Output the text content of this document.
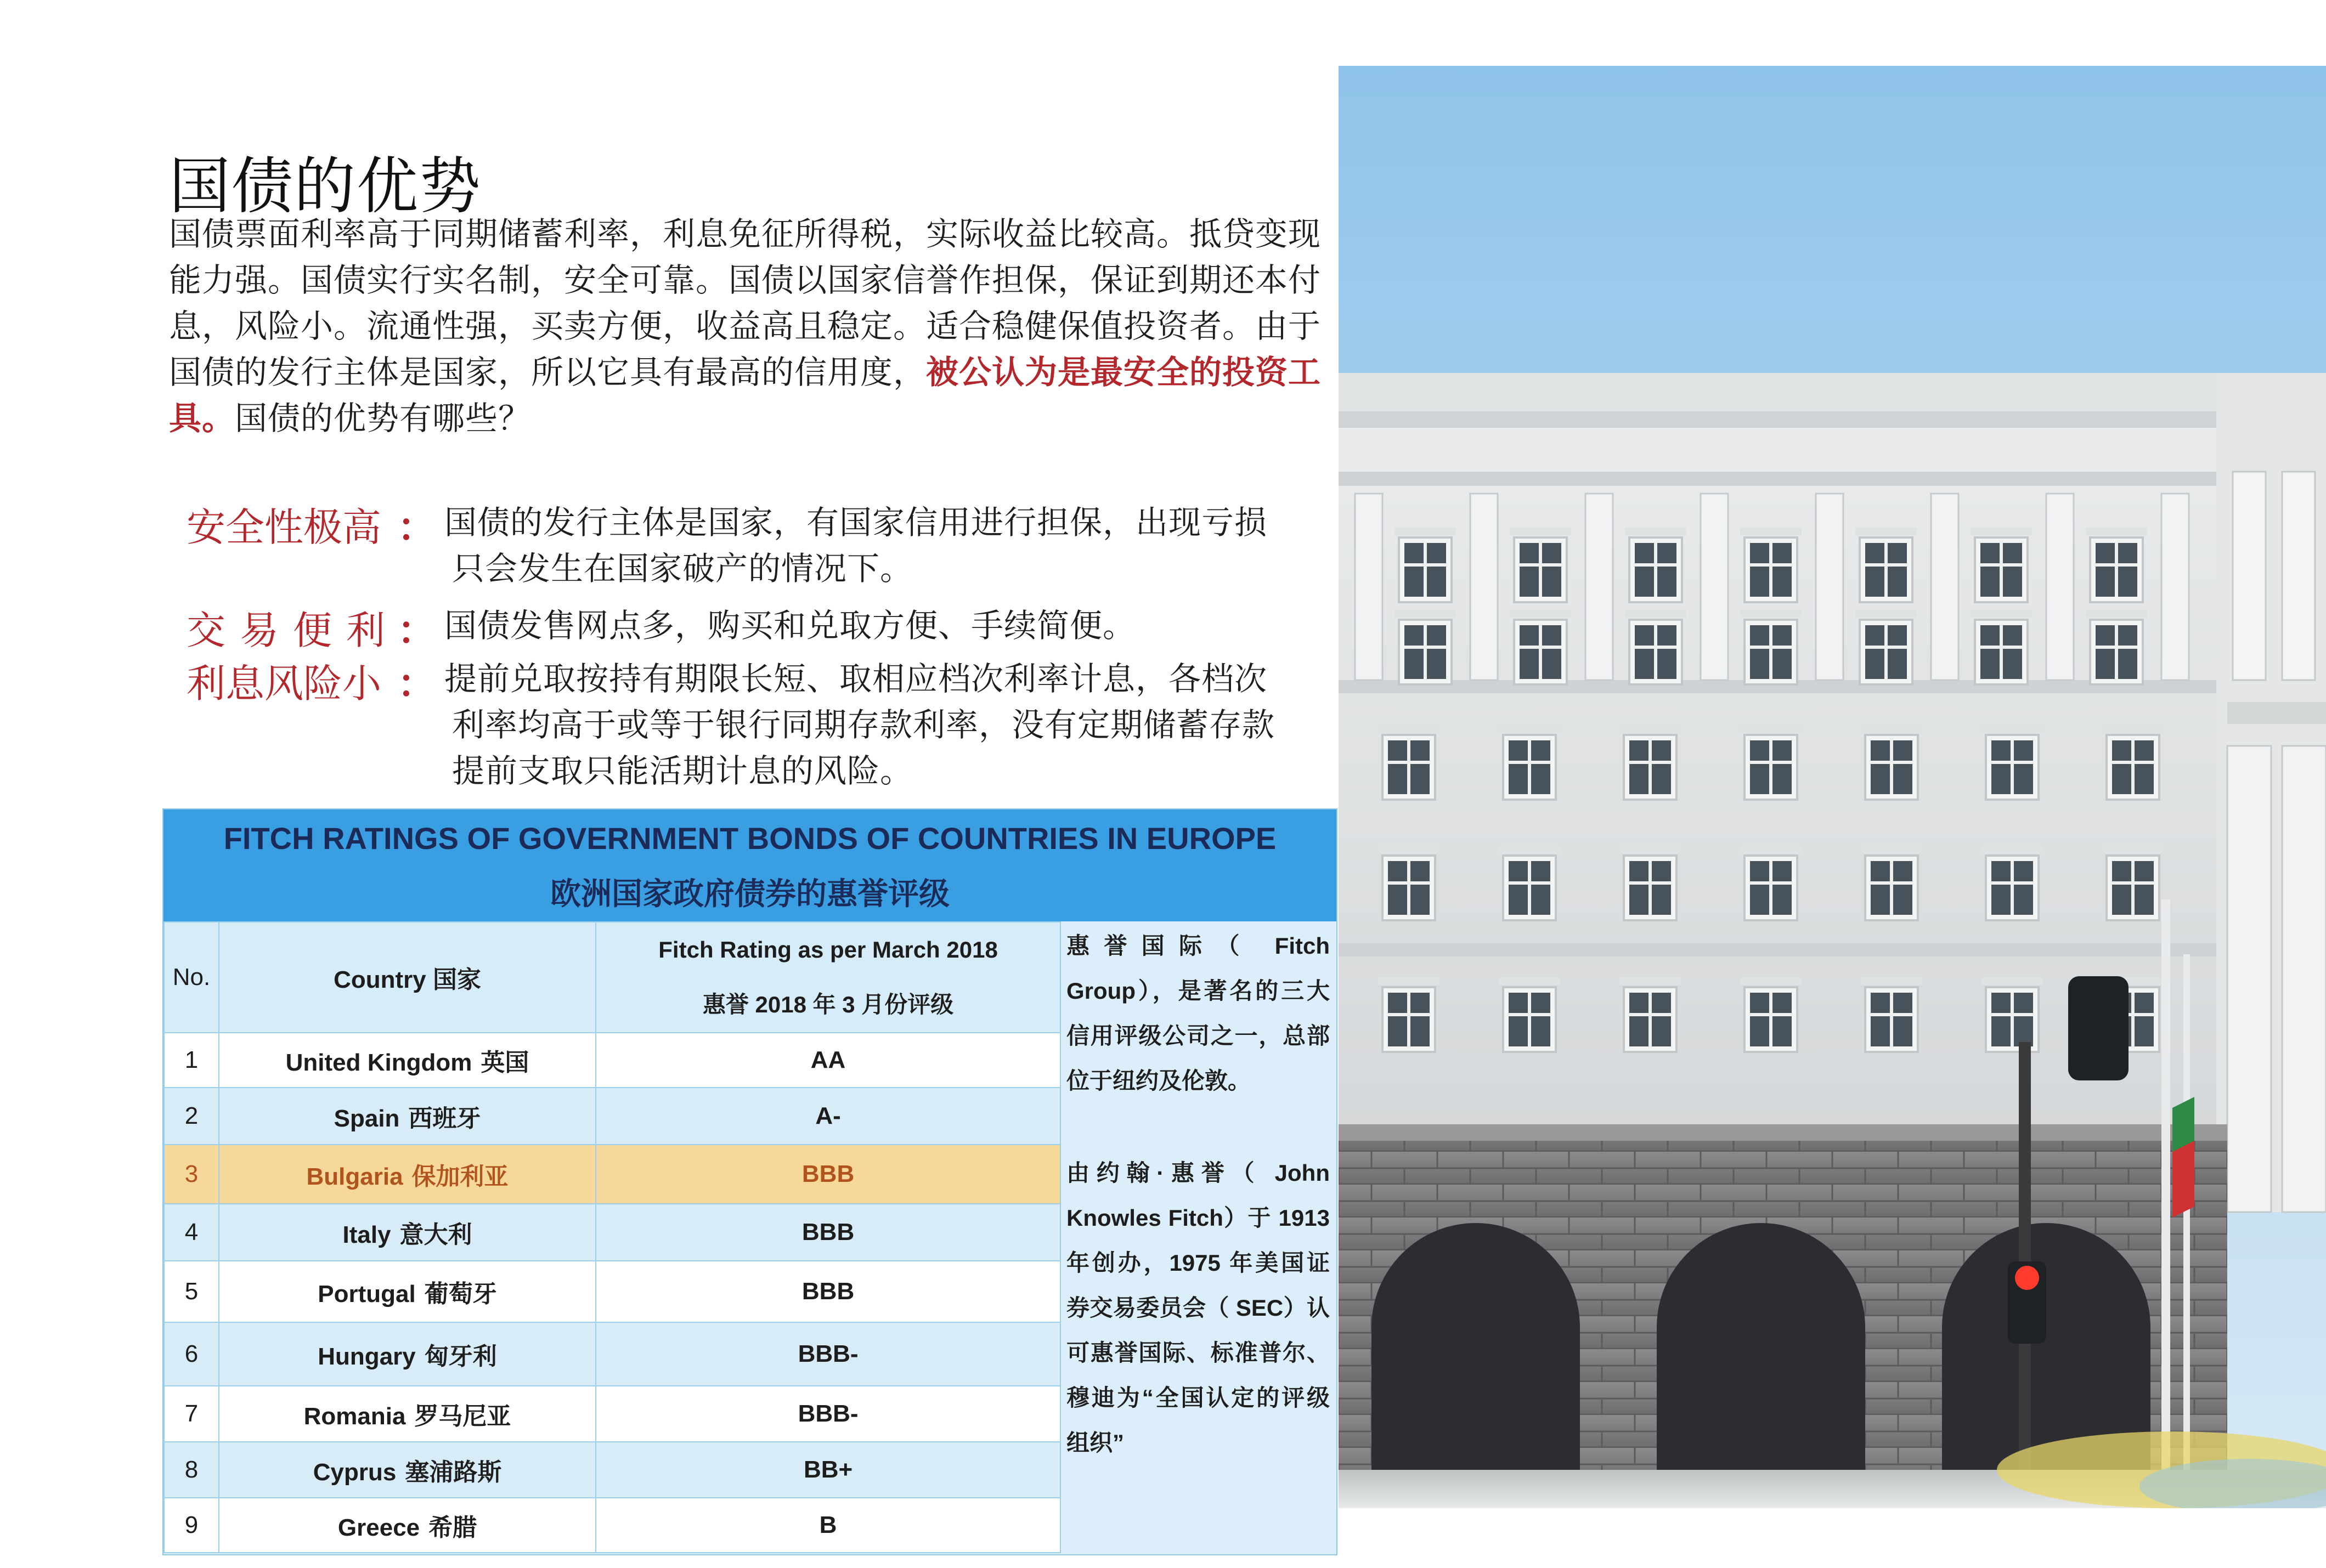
国债的优势
国债票面利率高于同期储蓄利率，利息免征所得税，实际收益比较高。抵贷变现能力强。国债实行实名制，安全可靠。国债以国家信誉作担保，保证到期还本付息，风险小。流通性强，买卖方便，收益高且稳定。适合稳健保值投资者。由于国债的发行主体是国家，所以它具有最高的信用度，被公认为是最安全的投资工具。国债的优势有哪些？
安全性极高 ： 国债的发行主体是国家，有国家信用进行担保，出现亏损
只会发生在国家破产的情况下。
交易便利
： 国债发售网点多，购买和兑取方便、手续简便。
利息风险小 ： 提前兑取按持有期限长短、取相应档次利率计息，各档次
利率均高于或等于银行同期存款利率，没有定期储蓄存款
提前支取只能活期计息的风险。
FITCH RATINGS OF GOVERNMENT BONDS OF COUNTRIES IN EUROPE
欧洲国家政府债券的惠誉评级
No.	Country 国家	Fitch Rating as per March 2018
惠誉 2018 年 3 月份评级

1	United Kingdom 英国	AA
2	Spain 西班牙	A-
3	Bulgaria 保加利亚	BBB
4	Italy 意大利	BBB
5	Portugal 葡萄牙	BBB
6	Hungary 匈牙利	BBB-
7	Romania 罗马尼亚	BBB-
8	Cyprus 塞浦路斯	BB+
9	Greece 希腊	B

惠誉国际（ Fitch Group），是著名的三大信用评级公司之一，总部位于纽约及伦敦。

由约翰·惠誉（ John Knowles Fitch）于 1913 年创办，1975 年美国证券交易委员会（ SEC）认可惠誉国际、标准普尔、穆迪为“全国认定的评级组织”
